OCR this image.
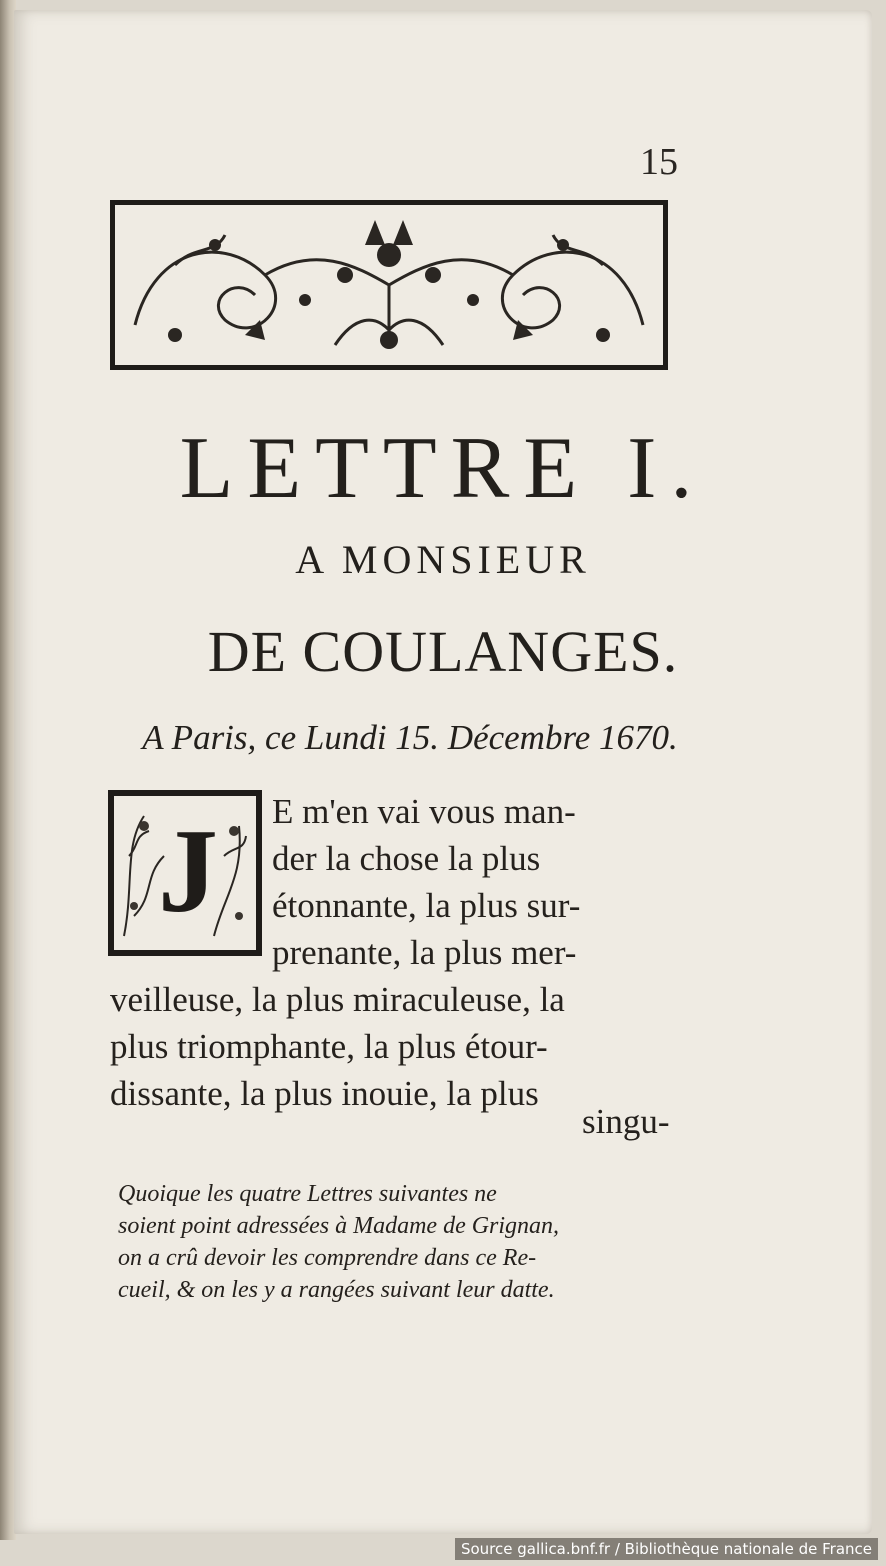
15
LETTRE I.
A MONSIEUR
DE COULANGES.
A Paris, ce Lundi 15. Décembre 1670.
J E m'en vai vous man-
der la chose la plus
étonnante, la plus sur-
prenante, la plus mer-
veilleuse, la plus miraculeuse, la
plus triomphante, la plus étour-
dissante, la plus inouie, la plus
singu-
Quoique les quatre Lettres suivantes ne
soient point adressées à Madame de Grignan,
on a crû devoir les comprendre dans ce Re-
cueil, & on les y a rangées suivant leur datte.
Source gallica.bnf.fr / Bibliothèque nationale de France
